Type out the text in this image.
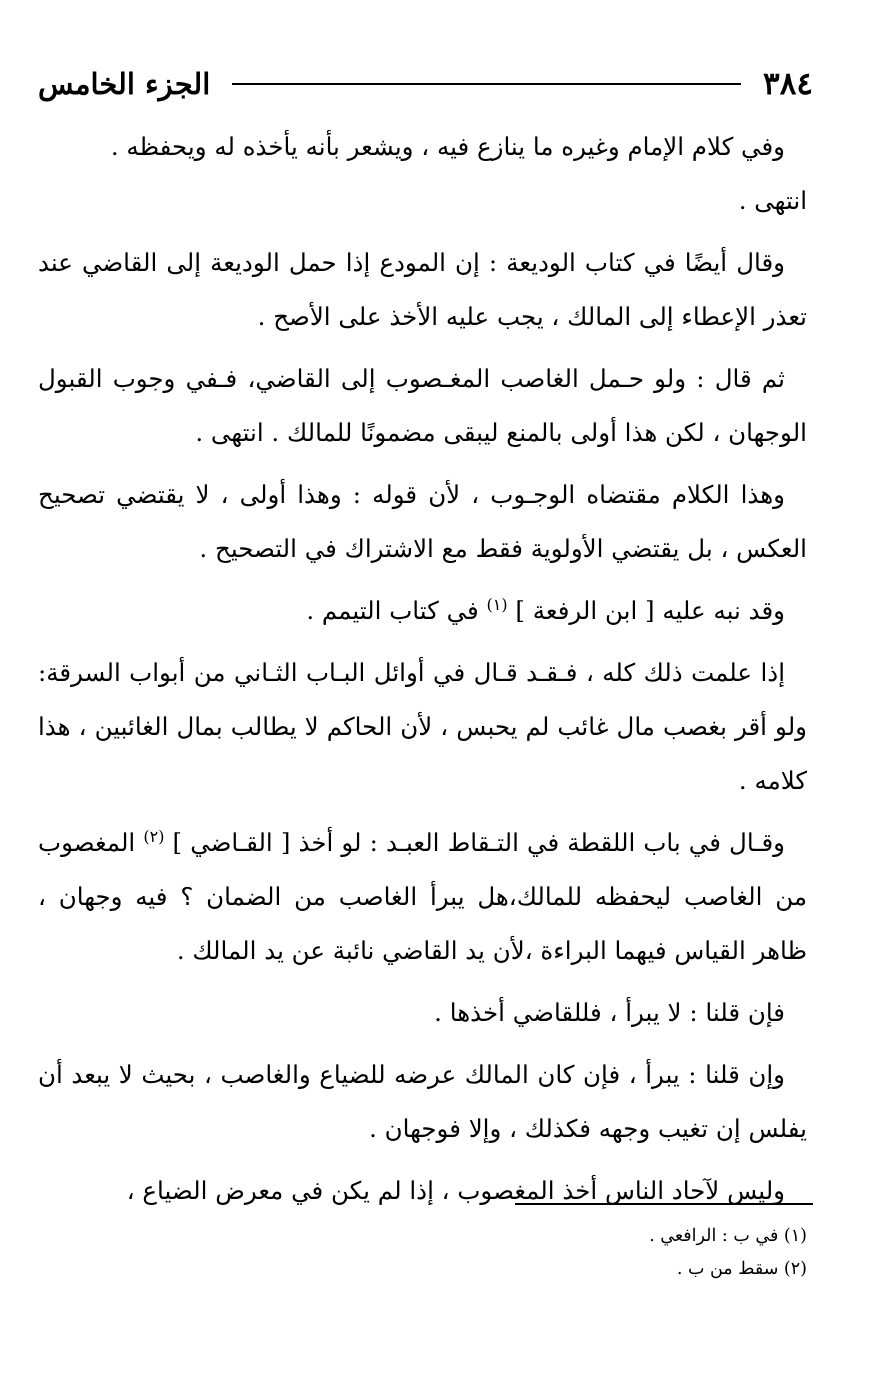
٣٨٤
الجزء الخامس

وفي كلام الإمام وغيره ما ينازع فيه ، ويشعر بأنه يأخذه له ويحفظه .
انتهى .

وقال أيضًا في كتاب الوديعة : إن المودع إذا حمل الوديعة إلى القاضي عند تعذر الإعطاء إلى المالك ، يجب عليه الأخذ على الأصح .

ثم قال : ولو حـمل الغاصب المغـصوب إلى القاضي، فـفي وجوب القبول الوجهان ، لكن هذا أولى بالمنع ليبقى مضمونًا للمالك . انتهى .

وهذا الكلام مقتضاه الوجـوب ، لأن قوله : وهذا أولى ، لا يقتضي تصحيح العكس ، بل يقتضي الأولوية فقط مع الاشتراك في التصحيح .

وقد نبه عليه [ ابن الرفعة ] $^{(١)}$ في كتاب التيمم .

إذا علمت ذلك كله ، فـقـد قـال في أوائل البـاب الثـاني من أبواب السرقة: ولو أقر بغصب مال غائب لم يحبس ، لأن الحاكم لا يطالب بمال الغائبين ، هذا كلامه .

وقـال في باب اللقطة في التـقاط العبـد : لو أخذ [ القـاضي ] $^{(٢)}$ المغصوب من الغاصب ليحفظه للمالك،هل يبرأ الغاصب من الضمان ؟ فيه وجهان ، ظاهر القياس فيهما البراءة ،لأن يد القاضي نائبة عن يد المالك .

فإن قلنا : لا يبرأ ، فللقاضي أخذها .

وإن قلنا : يبرأ ، فإن كان المالك عرضه للضياع والغاصب ، بحيث لا يبعد أن يفلس إن تغيب وجهه فكذلك ، وإلا فوجهان .

وليس لآحاد الناس أخذ المغصوب ، إذا لم يكن في معرض الضياع ،

(١) في ب : الرافعي .

(٢) سقط من ب .
